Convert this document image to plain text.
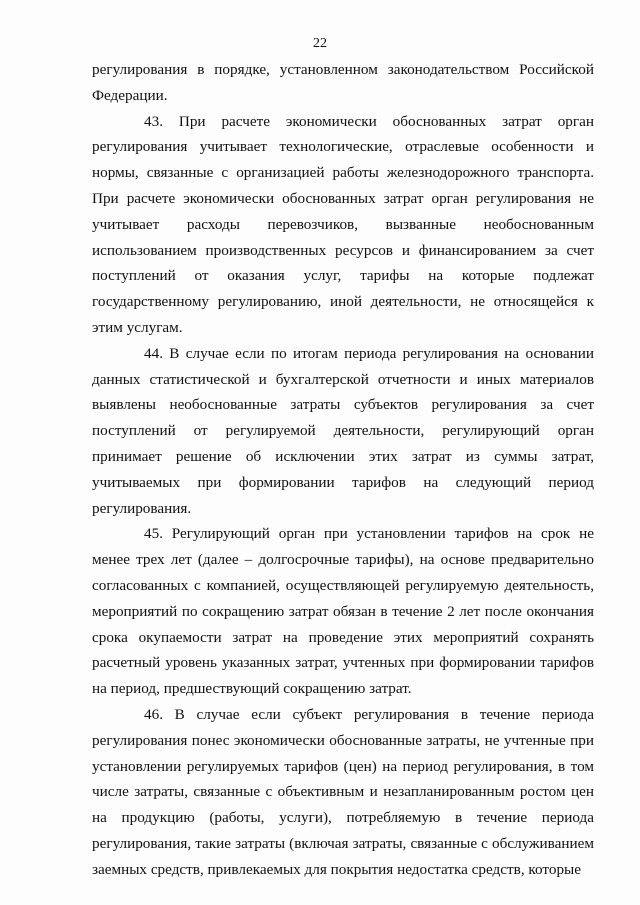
22

регулирования в порядке, установленном законодательством Российской Федерации.

43. При расчете экономически обоснованных затрат орган регулирования учитывает технологические, отраслевые особенности и нормы, связанные с организацией работы железнодорожного транспорта. При расчете экономически обоснованных затрат орган регулирования не учитывает расходы перевозчиков, вызванные необоснованным использованием производственных ресурсов и финансированием за счет поступлений от оказания услуг, тарифы на которые подлежат государственному регулированию, иной деятельности, не относящейся к этим услугам.

44. В случае если по итогам периода регулирования на основании данных статистической и бухгалтерской отчетности и иных материалов выявлены необоснованные затраты субъектов регулирования за счет поступлений от регулируемой деятельности, регулирующий орган принимает решение об исключении этих затрат из суммы затрат, учитываемых при формировании тарифов на следующий период регулирования.

45. Регулирующий орган при установлении тарифов на срок не менее трех лет (далее – долгосрочные тарифы), на основе предварительно согласованных с компанией, осуществляющей регулируемую деятельность, мероприятий по сокращению затрат обязан в течение 2 лет после окончания срока окупаемости затрат на проведение этих мероприятий сохранять расчетный уровень указанных затрат, учтенных при формировании тарифов на период, предшествующий сокращению затрат.

46. В случае если субъект регулирования в течение периода регулирования понес экономически обоснованные затраты, не учтенные при установлении регулируемых тарифов (цен) на период регулирования, в том числе затраты, связанные с объективным и незапланированным ростом цен на продукцию (работы, услуги), потребляемую в течение периода регулирования, такие затраты (включая затраты, связанные с обслуживанием заемных средств, привлекаемых для покрытия недостатка средств, которые
